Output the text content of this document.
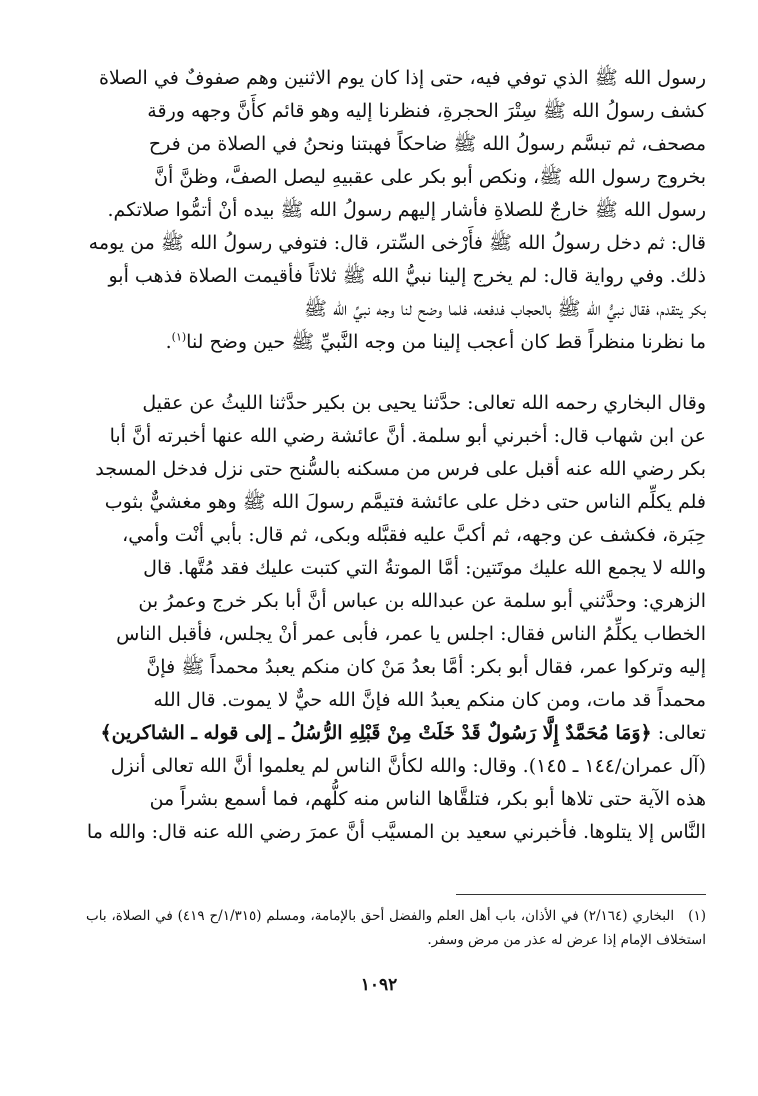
رسول الله ﷺ الذي توفي فيه، حتى إذا كان يوم الاثنين وهم صفوفٌ في الصلاة

كشف رسولُ الله ﷺ سِتْرَ الحجرةِ، فنظرنا إليه وهو قائم كأَنَّ وجهه ورقة

مصحف، ثم تبسَّم رسولُ الله ﷺ ضاحكاً فهبتنا ونحنُ في الصلاة من فرح

بخروج رسول الله ﷺ، ونكص أبو بكر على عقبيهِ ليصل الصفَّ، وظنَّ أنَّ

رسول الله ﷺ خارجٌ للصلاةِ فأشار إليهم رسولُ الله ﷺ بيده أنْ أتمُّوا صلاتكم.

قال: ثم دخل رسولُ الله ﷺ فأَرْخى السِّتر، قال: فتوفي رسولُ الله ﷺ من يومه

ذلك. وفي رواية قال: لم يخرج إلينا نبيُّ الله ﷺ ثلاثاً فأقيمت الصلاة فذهب أبو

بكر يتقدم، فقال نبيُّ الله ﷺ بالحجاب فدفعه، فلما وضح لنا وجه نبيِّ الله ﷺ

ما نظرنا منظراً قط كان أعجب إلينا من وجه النَّبيِّ ﷺ حين وضح لنا$^{(١)}$.

وقال البخاري رحمه الله تعالى: حدَّثنا يحيى بن بكير حدَّثنا الليثُ عن عقيل

عن ابن شهاب قال: أخبرني أبو سلمة. أنَّ عائشة رضي الله عنها أخبرته أنَّ أبا

بكر رضي الله عنه أقبل على فرس من مسكنه بالسُّنح حتى نزل فدخل المسجد

فلم يكلِّم الناس حتى دخل على عائشة فتيمَّم رسولَ الله ﷺ وهو مغشيٌّ بثوب

حِبَرة، فكشف عن وجهه، ثم أكبَّ عليه فقبَّله وبكى، ثم قال: بأبي أنْت وأمي،

والله لا يجمع الله عليك موتَتين: أمَّا الموتةُ التي كتبت عليك فقد مُتَّها. قال

الزهري: وحدَّثني أبو سلمة عن عبدالله بن عباس أنَّ أبا بكر خرج وعمرُ بن

الخطاب يكلِّمُ الناس فقال: اجلس يا عمر، فأبى عمر أنْ يجلس، فأقبل الناس

إليه وتركوا عمر، فقال أبو بكر: أمَّا بعدُ مَنْ كان منكم يعبدُ محمداً ﷺ فإنَّ

محمداً قد مات، ومن كان منكم يعبدُ الله فإنَّ الله حيٌّ لا يموت. قال الله

تعالى: ﴿وَمَا مُحَمَّدٌ إِلَّا رَسُولٌ قَدْ خَلَتْ مِنْ قَبْلِهِ الرُّسُلُ ـ إلى قوله ـ الشاكرين﴾

(آل عمران/١٤٤ ـ ١٤٥). وقال: والله لكأنَّ الناس لم يعلموا أنَّ الله تعالى أنزل

هذه الآية حتى تلاها أبو بكر، فتلقَّاها الناس منه كلُّهم، فما أسمع بشراً من

النَّاس إلا يتلوها. فأخبرني سعيد بن المسيَّب أنَّ عمرَ رضي الله عنه قال: والله ما

(١)البخاري (٢/١٦٤) في الأذان، باب أهل العلم والفضل أحق بالإمامة، ومسلم (١/٣١٥/ح ٤١٩) في الصلاة، باب استخلاف الإمام إذا عرض له عذر من مرض وسفر.
١٠٩٢
